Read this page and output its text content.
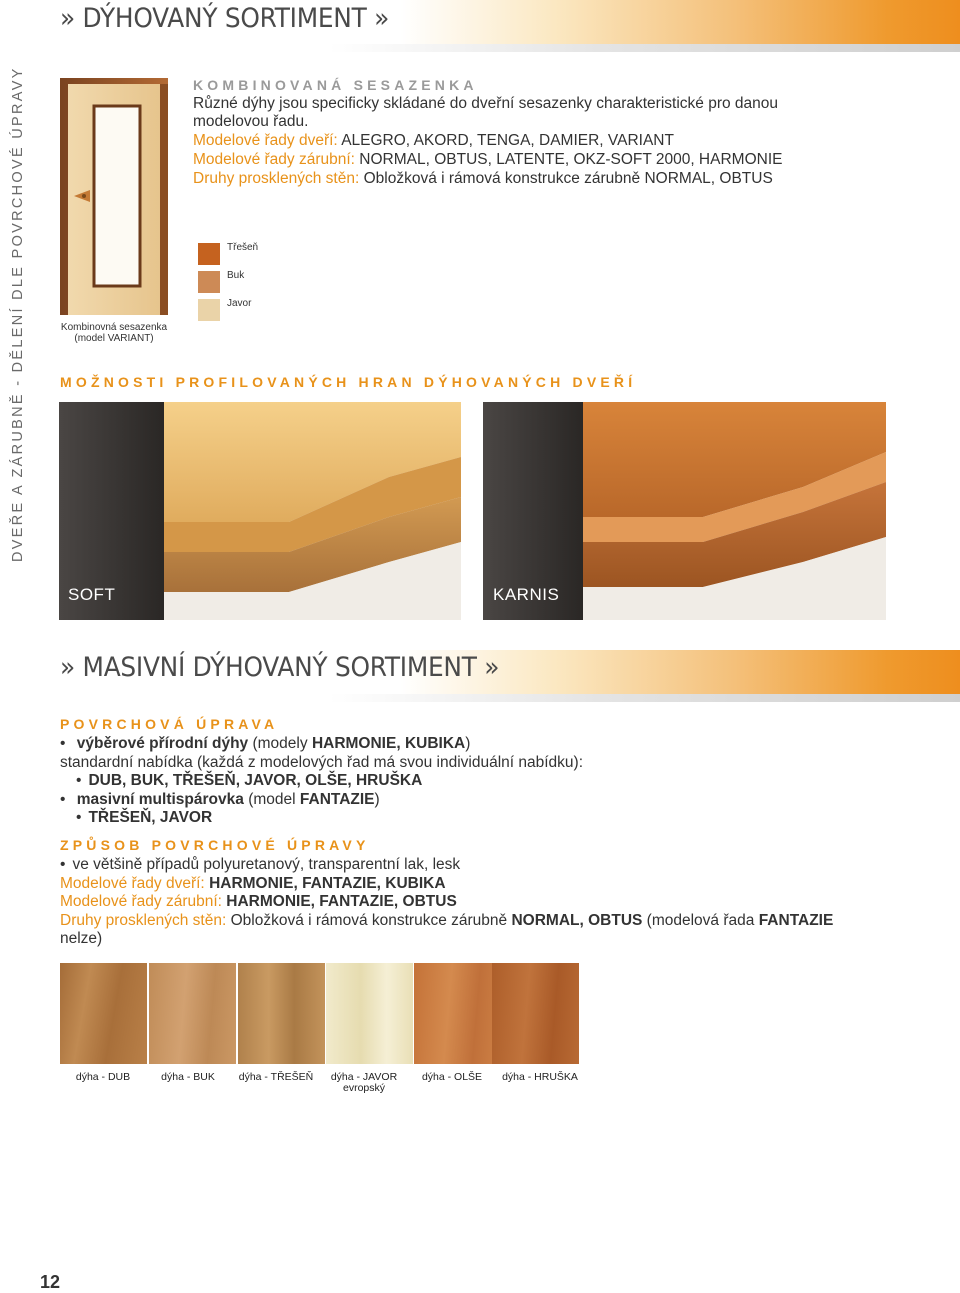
DVEŘE A ZÁRUBNĚ - DĚLENÍ DLE POVRCHOVÉ ÚPRAVY
» DÝHOVANÝ SORTIMENT »
Kombinovná sesazenka
(model VARIANT)
KOMBINOVANÁ SESAZENKA
Různé dýhy jsou specificky skládané do dveřní sesazenky charakteristické pro danou
modelovou řadu.
Modelové řady dveří: ALEGRO, AKORD, TENGA, DAMIER, VARIANT
Modelové řady zárubní: NORMAL, OBTUS, LATENTE, OKZ-SOFT 2000, HARMONIE
Druhy prosklených stěn: Obložková i rámová konstrukce zárubně NORMAL, OBTUS
Třešeň
Buk
Javor
MOŽNOSTI PROFILOVANÝCH HRAN DÝHOVANÝCH DVEŘÍ
SOFT	KARNIS
» MASIVNÍ DÝHOVANÝ SORTIMENT »
POVRCHOVÁ ÚPRAVA
• výběrové přírodní dýhy (modely HARMONIE, KUBIKA)
standardní nabídka (každá z modelových řad má svou individuální nabídku):
• DUB, BUK, TŘEŠEŇ, JAVOR, OLŠE, HRUŠKA
• masivní multispárovka (model FANTAZIE)
• TŘEŠEŇ, JAVOR
ZPŮSOB POVRCHOVÉ ÚPRAVY
• ve většině případů polyuretanový, transparentní lak, lesk
Modelové řady dveří: HARMONIE, FANTAZIE, KUBIKA
Modelové řady zárubní: HARMONIE, FANTAZIE, OBTUS
Druhy prosklených stěn: Obložková i rámová konstrukce zárubně NORMAL, OBTUS (modelová řada FANTAZIE
nelze)
dýha - DUB	dýha - BUK	dýha - TŘEŠEŇ	dýha - JAVOR
evropský
dýha - OLŠE	dýha - HRUŠKA
12
